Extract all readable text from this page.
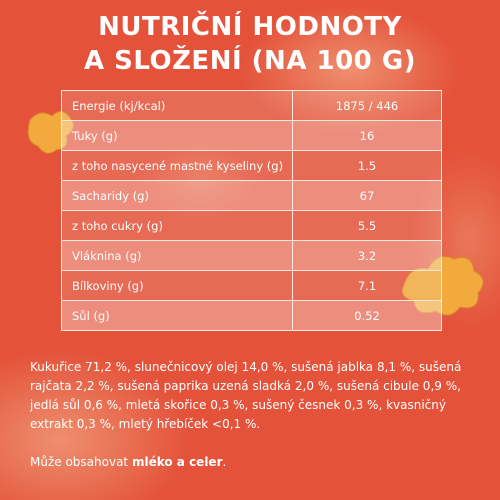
NUTRIČNÍ HODNOTY
A SLOŽENÍ (NA 100 G)
Energie (kj/kcal)	1875 / 446
Tuky (g)	16
z toho nasycené mastné kyseliny (g)	1.5
Sacharidy (g)	67
z toho cukry (g)	5.5
Vláknina (g)	3.2
Bílkoviny (g)	7.1
Sůl (g)	0.52

Kukuřice 71,2 %, slunečnicový olej 14,0 %, sušená jablka 8,1 %, sušená rajčata 2,2 %, sušená paprika uzená sladká 2,0 %, sušená cibule 0,9 %, jedlá sůl 0,6 %, mletá skořice 0,3 %, sušený česnek 0,3 %, kvasničný extrakt 0,3 %, mletý hřebíček <0,1 %.

Může obsahovat mléko a celer.
